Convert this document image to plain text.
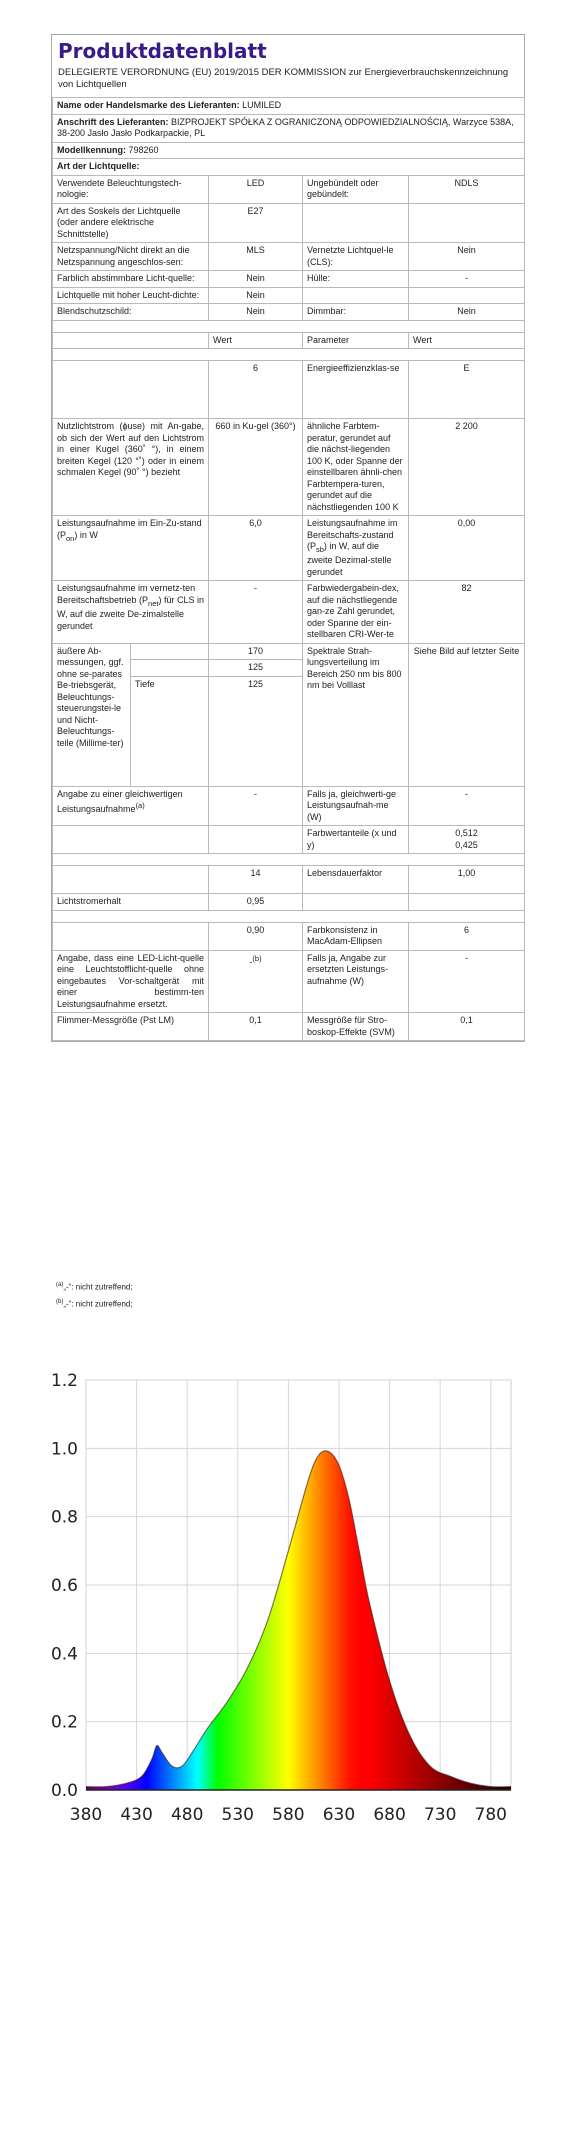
Produktdatenblatt
DELEGIERTE VERORDNUNG (EU) 2019/2015 DER KOMMISSION zur Energieverbrauchskennzeichnung von Lichtquellen
Name oder Handelsmarke des Lieferanten: LUMILED				
Anschrift des Lieferanten: BIZPROJEKT SPÓŁKA Z OGRANICZONĄ ODPOWIEDZIALNOŚCIĄ, Warzyce 538A, 38-200 Jasło Jasło Podkarpackie, PL				
Modellkennung: 798260				
Art der Lichtquelle:				
Verwendete Beleuchtungstech-nologie:		LED	Ungebündelt oder gebündelt:	NDLS
Art des Soskels der Lichtquelle (oder andere elektrische Schnittstelle)		E27		
Netzspannung/Nicht direkt an die Netzspannung angeschlos-sen:		MLS	Vernetzte Lichtquel-le (CLS):	Nein
Farblich abstimmbare Licht-quelle:		Nein	Hülle:	-
Lichtquelle mit hoher Leucht-dichte:		Nein		
Blendschutzschild:		Nein	Dimmbar:	Nein

		Wert	Parameter	Wert

		6	Energieeffizienzklas-se	E
Nutzlichtstrom (ɸuse) mit An-gabe, ob sich der Wert auf den Lichtstrom in einer Kugel (360˚ °), in einem breiten Kegel (120 °˚) oder in einem schmalen Kegel (90˚ °) bezieht		660 in Ku-gel (360°)	ähnliche Farbtem-peratur, gerundet auf die nächst-liegenden 100 K, oder Spanne der einstellbaren ähnli-chen Farbtempera-turen, gerundet auf die nächstliegenden 100 K	2 200
Leistungsaufnahme im Ein-Zu-stand $(P_{on})$ in W		6,0	Leistungsaufnahme im Bereitschafts-zustand $(P_{sb})$ in W, auf die zweite Dezimal-stelle gerundet	0,00
Leistungsaufnahme im vernetz-ten Bereitschaftsbetrieb $(P_{net})$ für CLS in W, auf die zweite De-zimalstelle gerundet		-	Farbwiedergabein-dex, auf die nächstliegende gan-ze Zahl gerundet, oder Spanne der ein-stellbaren CRI-Wer-te	82
äußere Ab-messungen, ggf. ohne se-parates Be-triebsgerät, Beleuchtungs-steuerungstei-le und Nicht-Beleuchtungs-teile (Millime-ter)		170	Spektrale Strah-lungsverteilung im Bereich 250 nm bis 800 nm bei Volllast	Siehe Bild auf letzter Seite
		125		
	Tiefe	125		
Angabe zu einer gleichwertigen Leistungsaufnahme$^{(a)}$		-	Falls ja, gleichwerti-ge Leistungsaufnah-me (W)	-
			Farbwertanteile (x und y)	0,512
0,425

		14	Lebensdauerfaktor	1,00
Lichtstromerhalt		0,95		

		0,90	Farbkonsistenz in MacAdam-Ellipsen	6
Angabe, dass eine LED-Licht-quelle eine Leuchtstofflicht-quelle ohne eingebautes Vor-schaltgerät mit einer bestimm-ten Leistungsaufnahme ersetzt.		-$^{(b)}$	Falls ja, Angabe zur ersetzten Leistungs-aufnahme (W)	-
Flimmer-Messgröße (Pst LM)		0,1	Messgröße für Stro-boskop-Effekte (SVM)	0,1
$^{(a)}$„-“: nicht zutreffend;
$^{(b)}$„-“: nicht zutreffend;
0.0
0.2
0.4
0.6
0.8
1.0
1.2
380 430 480 530 580 630 680 730 780
